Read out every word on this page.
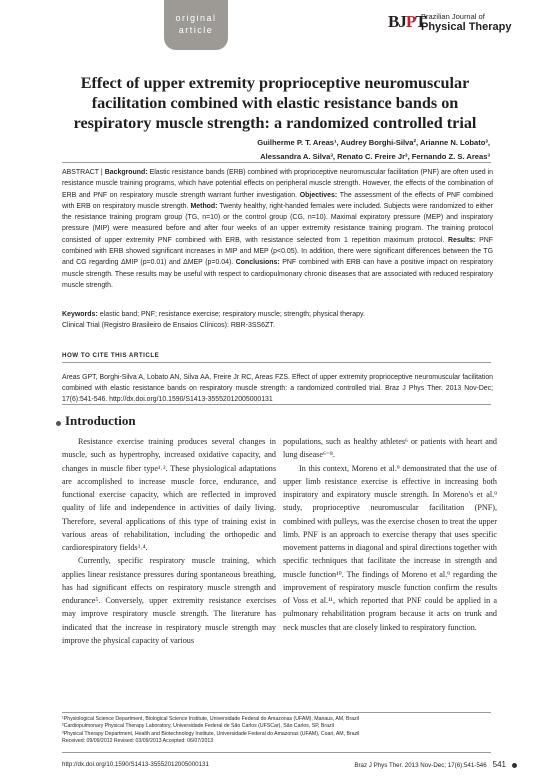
original
article	BJPT
Brazilian Journal of
Physical Therapy
Effect of upper extremity proprioceptive neuromuscular facilitation combined with elastic resistance bands on respiratory muscle strength: a randomized controlled trial
Guilherme P. T. Areas¹, Audrey Borghi-Silva², Arianne N. Lobato³,
Alessandra A. Silva³, Renato C. Freire Jr³, Fernando Z. S. Areas³
ABSTRACT | Background: Elastic resistance bands (ERB) combined with proprioceptive neuromuscular facilitation (PNF) are often used in resistance muscle training programs, which have potential effects on peripheral muscle strength. However, the effects of the combination of ERB and PNF on respiratory muscle strength warrant further investigation. Objectives: The assessment of the effects of PNF combined with ERB on respiratory muscle strength. Method: Twenty healthy, right-handed females were included. Subjects were randomized to either the resistance training program group (TG, n=10) or the control group (CG, n=10). Maximal expiratory pressure (MEP) and inspiratory pressure (MIP) were measured before and after four weeks of an upper extremity resistance training program. The training protocol consisted of upper extremity PNF combined with ERB, with resistance selected from 1 repetition maximum protocol. Results: PNF combined with ERB showed significant increases in MIP and MEP (p<0.05). In addition, there were significant differences between the TG and CG regarding ΔMIP (p=0.01) and ΔMEP (p=0.04). Conclusions: PNF combined with ERB can have a positive impact on respiratory muscle strength. These results may be useful with respect to cardiopulmonary chronic diseases that are associated with reduced respiratory muscle strength.
Keywords: elastic band; PNF; resistance exercise; respiratory muscle; strength; physical therapy.
Clinical Trial (Registro Brasileiro de Ensaios Clínicos): RBR-3SS6ZT.
HOW TO CITE THIS ARTICLE
Areas GPT, Borghi-Silva A, Lobato AN, Silva AA, Freire Jr RC, Areas FZS. Effect of upper extremity proprioceptive neuromuscular facilitation combined with elastic resistance bands on respiratory muscle strength: a randomized controlled trial. Braz J Phys Ther. 2013 Nov-Dec; 17(6):541-546. http://dx.doi.org/10.1590/S1413-35552012005000131
Introduction

Resistance exercise training produces several changes in muscle, such as hypertrophy, increased oxidative capacity, and changes in muscle fiber type¹˒². These physiological adaptations are accomplished to increase muscle force, endurance, and functional exercise capacity, which are reflected in improved quality of life and independence in activities of daily living. Therefore, several applications of this type of training exist in various areas of rehabilitation, including the orthopedic and cardiorespiratory fields³˒⁴.

Currently, specific respiratory muscle training, which applies linear resistance pressures during spontaneous breathing, has had significant effects on respiratory muscle strength and endurance⁵. Conversely, upper extremity resistance exercises may improve respiratory muscle strength. The literature has indicated that the increase in respiratory muscle strength may improve the physical capacity of various

populations, such as healthy athletes⁶ or patients with heart and lung disease⁶⁻⁸.

In this context, Moreno et al.⁹ demonstrated that the use of upper limb resistance exercise is effective in increasing both inspiratory and expiratory muscle strength. In Moreno's et al.⁹ study, proprioceptive neuromuscular facilitation (PNF), combined with pulleys, was the exercise chosen to treat the upper limb. PNF is an approach to exercise therapy that uses specific movement patterns in diagonal and spiral directions together with specific techniques that facilitate the increase in strength and muscle function¹⁰. The findings of Moreno et al.⁹ regarding the improvement of respiratory muscle function confirm the results of Voss et al.¹¹, which reported that PNF could be applied in a pulmonary rehabilitation program because it acts on trunk and neck muscles that are closely linked to respiratory function.

¹Physiological Science Department, Biological Science Institute, Universidade Federal do Amazonas (UFAM), Manaus, AM, Brazil
²Cardiopulmonary Physical Therapy Laboratory, Universidade Federal de São Carlos (UFSCar), São Carlos, SP, Brazil
³Physical Therapy Department, Health and Biotechnology Institute, Universidade Federal do Amazonas (UFAM), Coari, AM, Brazil
Received: 09/09/2012 Revised: 03/09/2013 Accepted: 06/07/2013
http://dx.doi.org/10.1590/S1413-35552012005000131	Braz J Phys Ther. 2013 Nov-Dec; 17(6):541-546 541
